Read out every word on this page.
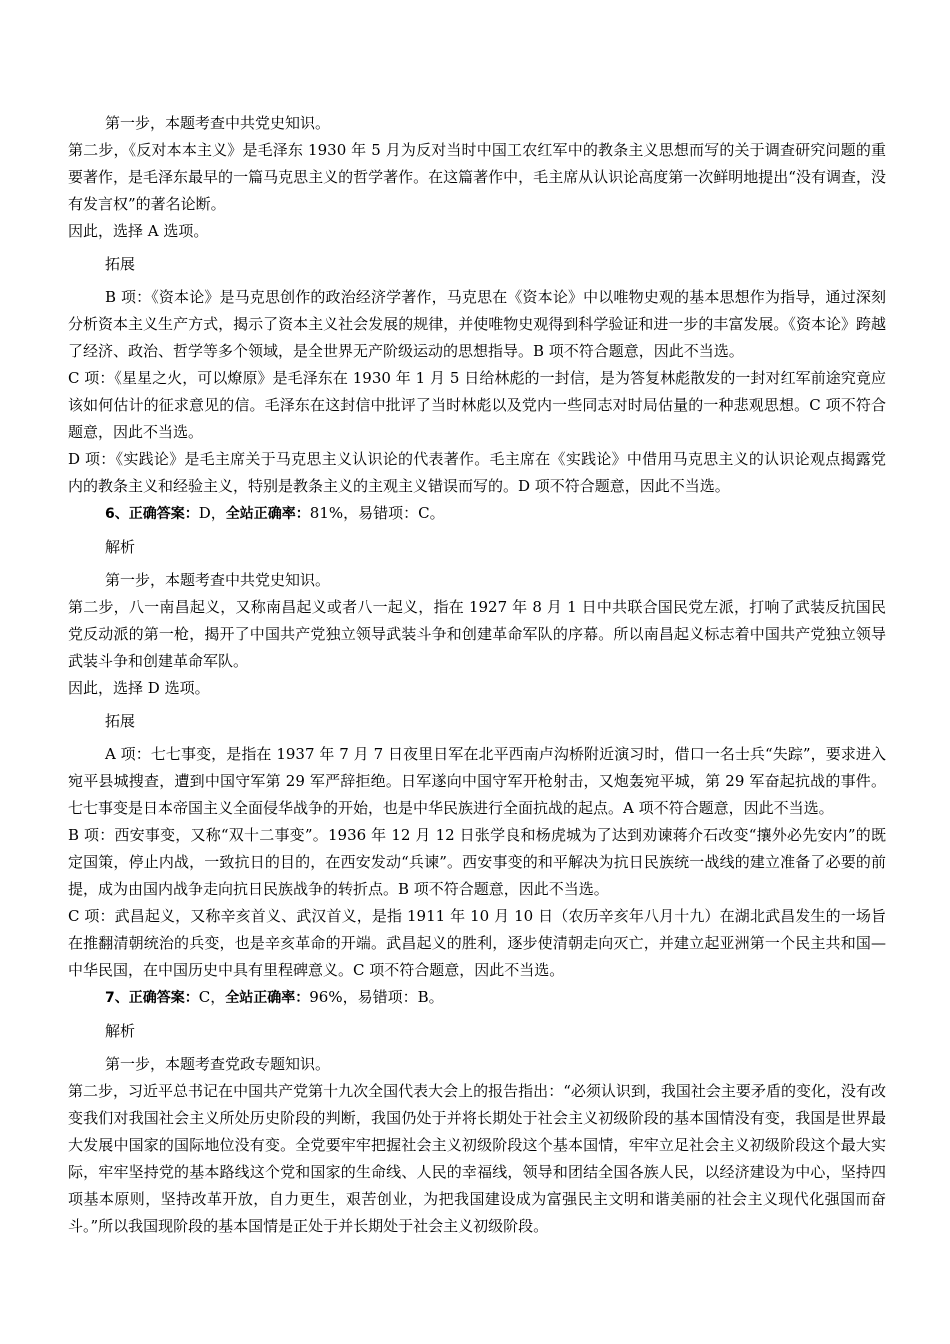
第一步，本题考查中共党史知识。

第二步，《反对本本主义》是毛泽东 1930 年 5 月为反对当时中国工农红军中的教条主义思想而写的关于调查研究问题的重要著作，是毛泽东最早的一篇马克思主义的哲学著作。在这篇著作中，毛主席从认识论高度第一次鲜明地提出“没有调查，没有发言权”的著名论断。

因此，选择 A 选项。

拓展

B 项：《资本论》是马克思创作的政治经济学著作，马克思在《资本论》中以唯物史观的基本思想作为指导，通过深刻分析资本主义生产方式，揭示了资本主义社会发展的规律，并使唯物史观得到科学验证和进一步的丰富发展。《资本论》跨越了经济、政治、哲学等多个领域，是全世界无产阶级运动的思想指导。B 项不符合题意，因此不当选。

C 项：《星星之火，可以燎原》是毛泽东在 1930 年 1 月 5 日给林彪的一封信，是为答复林彪散发的一封对红军前途究竟应该如何估计的征求意见的信。毛泽东在这封信中批评了当时林彪以及党内一些同志对时局估量的一种悲观思想。C 项不符合题意，因此不当选。

D 项：《实践论》是毛主席关于马克思主义认识论的代表著作。毛主席在《实践论》中借用马克思主义的认识论观点揭露党内的教条主义和经验主义，特别是教条主义的主观主义错误而写的。D 项不符合题意，因此不当选。

6、正确答案：D，全站正确率：81%，易错项：C。

解析

第一步，本题考查中共党史知识。

第二步，八一南昌起义，又称南昌起义或者八一起义，指在 1927 年 8 月 1 日中共联合国民党左派，打响了武装反抗国民党反动派的第一枪，揭开了中国共产党独立领导武装斗争和创建革命军队的序幕。所以南昌起义标志着中国共产党独立领导武装斗争和创建革命军队。

因此，选择 D 选项。

拓展

A 项：七七事变，是指在 1937 年 7 月 7 日夜里日军在北平西南卢沟桥附近演习时，借口一名士兵“失踪”，要求进入宛平县城搜查，遭到中国守军第 29 军严辞拒绝。日军遂向中国守军开枪射击，又炮轰宛平城，第 29 军奋起抗战的事件。七七事变是日本帝国主义全面侵华战争的开始，也是中华民族进行全面抗战的起点。A 项不符合题意，因此不当选。

B 项：西安事变，又称“双十二事变”。1936 年 12 月 12 日张学良和杨虎城为了达到劝谏蒋介石改变“攘外必先安内”的既定国策，停止内战，一致抗日的目的，在西安发动“兵谏”。西安事变的和平解决为抗日民族统一战线的建立准备了必要的前提，成为由国内战争走向抗日民族战争的转折点。B 项不符合题意，因此不当选。

C 项：武昌起义，又称辛亥首义、武汉首义，是指 1911 年 10 月 10 日（农历辛亥年八月十九）在湖北武昌发生的一场旨在推翻清朝统治的兵变，也是辛亥革命的开端。武昌起义的胜利，逐步使清朝走向灭亡，并建立起亚洲第一个民主共和国—中华民国，在中国历史中具有里程碑意义。C 项不符合题意，因此不当选。

7、正确答案：C，全站正确率：96%，易错项：B。

解析

第一步，本题考查党政专题知识。

第二步，习近平总书记在中国共产党第十九次全国代表大会上的报告指出：“必须认识到，我国社会主要矛盾的变化，没有改变我们对我国社会主义所处历史阶段的判断，我国仍处于并将长期处于社会主义初级阶段的基本国情没有变，我国是世界最大发展中国家的国际地位没有变。全党要牢牢把握社会主义初级阶段这个基本国情，牢牢立足社会主义初级阶段这个最大实际，牢牢坚持党的基本路线这个党和国家的生命线、人民的幸福线，领导和团结全国各族人民，以经济建设为中心，坚持四项基本原则，坚持改革开放，自力更生，艰苦创业，为把我国建设成为富强民主文明和谐美丽的社会主义现代化强国而奋斗。”所以我国现阶段的基本国情是正处于并长期处于社会主义初级阶段。
